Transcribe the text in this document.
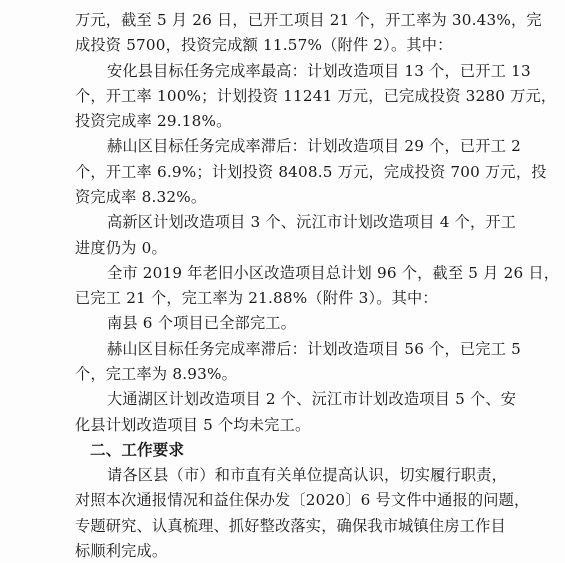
万元，截至 5 月 26 日，已开工项目 21 个，开工率为 30.43%，完
成投资 5700，投资完成额 11.57%（附件 2）。其中：
安化县目标任务完成率最高：计划改造项目 13 个，已开工 13
个，开工率 100%；计划投资 11241 万元，已完成投资 3280 万元，
投资完成率 29.18%。
赫山区目标任务完成率滞后：计划改造项目 29 个，已开工 2
个，开工率 6.9%；计划投资 8408.5 万元，完成投资 700 万元，投
资完成率 8.32%。
高新区计划改造项目 3 个、沅江市计划改造项目 4 个，开工
进度仍为 0。
全市 2019 年老旧小区改造项目总计划 96 个，截至 5 月 26 日，
已完工 21 个，完工率为 21.88%（附件 3）。其中：
南县 6 个项目已全部完工。
赫山区目标任务完成率滞后：计划改造项目 56 个，已完工 5
个，完工率为 8.93%。
大通湖区计划改造项目 2 个、沅江市计划改造项目 5 个、安
化县计划改造项目 5 个均未完工。
二、工作要求
请各区县（市）和市直有关单位提高认识，切实履行职责，
对照本次通报情况和益住保办发〔2020〕6 号文件中通报的问题，
专题研究、认真梳理、抓好整改落实，确保我市城镇住房工作目
标顺利完成。
